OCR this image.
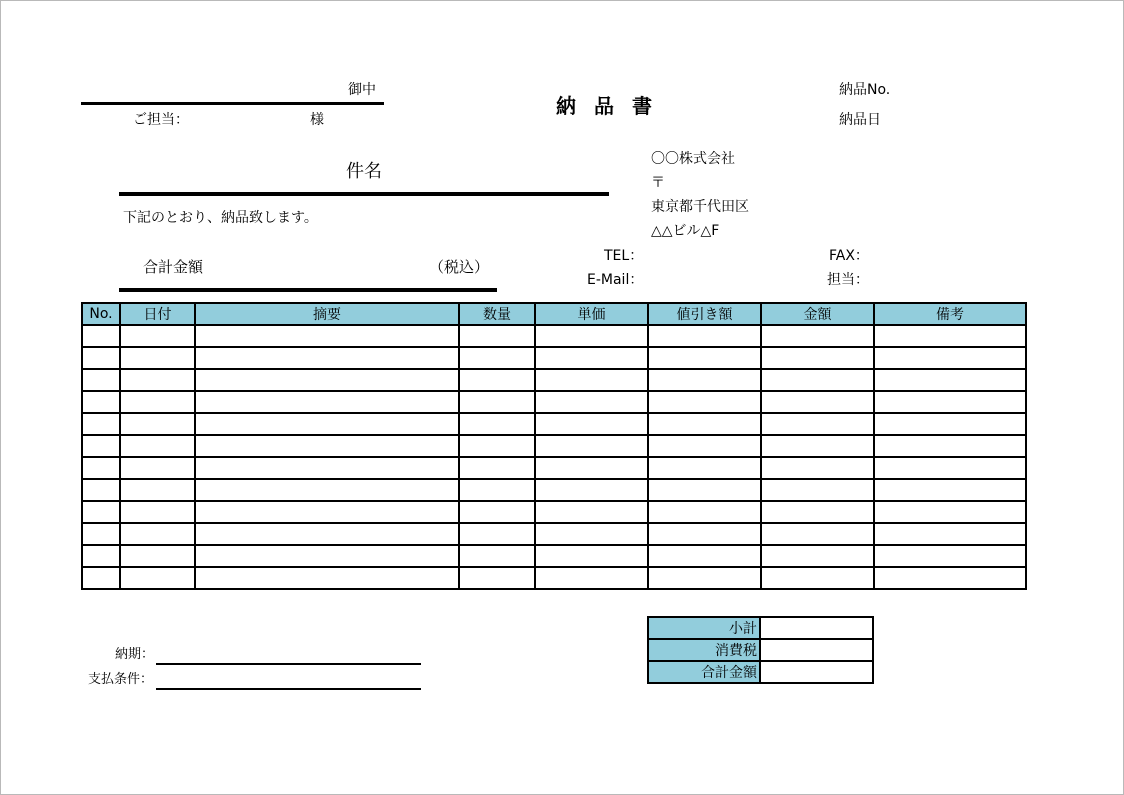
御中
ご担当：	様
納品書
納品No.
納品日
件名
下記のとおり、納品致します。
合計金額	（税込）
〇〇株式会社
〒
東京都千代田区
△△ビル△F
TEL：
E-Mail：
FAX：
担当：
No.	日付	摘要	数量	単価	値引き額	金額	備考

小計	
消費税	
合計金額	
納期：
支払条件：
